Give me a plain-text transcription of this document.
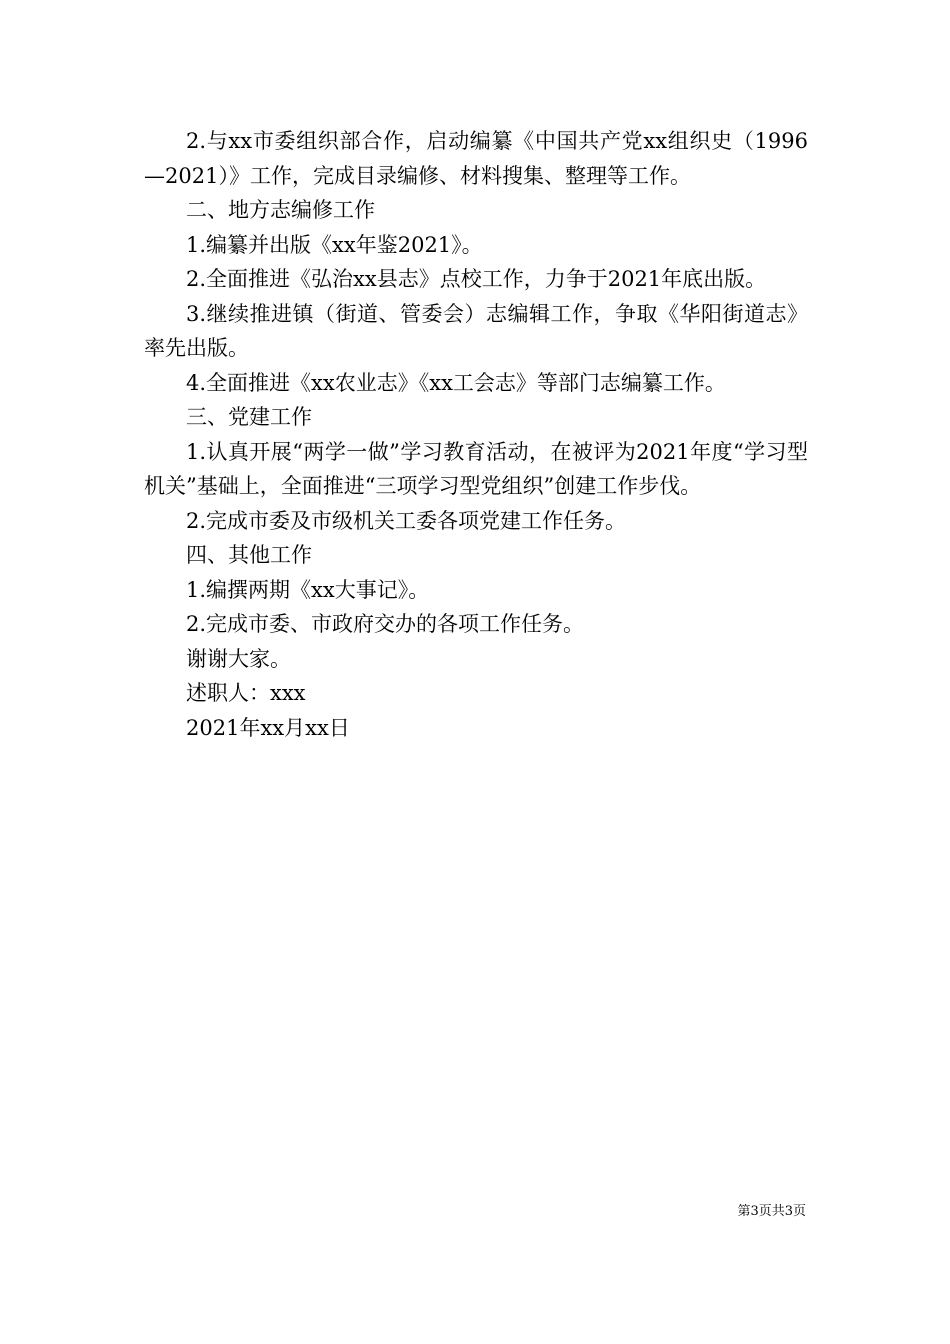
2.与xx市委组织部合作，启动编纂《中国共产党xx组织史（1996—2021）》工作，完成目录编修、材料搜集、整理等工作。

二、地方志编修工作

1.编纂并出版《xx年鉴2021》。

2.全面推进《弘治xx县志》点校工作，力争于2021年底出版。

3.继续推进镇（街道、管委会）志编辑工作，争取《华阳街道志》率先出版。

4.全面推进《xx农业志》《xx工会志》等部门志编纂工作。

三、党建工作

1.认真开展“两学一做”学习教育活动，在被评为2021年度“学习型机关”基础上，全面推进“三项学习型党组织”创建工作步伐。

2.完成市委及市级机关工委各项党建工作任务。

四、其他工作

1.编撰两期《xx大事记》。

2.完成市委、市政府交办的各项工作任务。

谢谢大家。

述职人：xxx

2021年xx月xx日

第3页共3页
